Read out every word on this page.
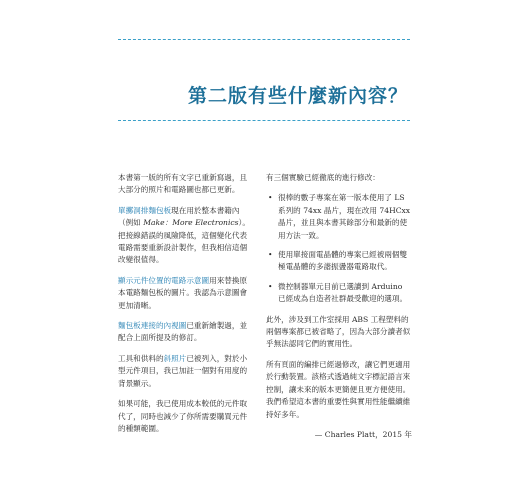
第二版有些什麼新內容？

本書第一版的所有文字已重新寫過，且大部分的照片和電路圖也都已更新。

單擲洞排麵包板現在用於整本書籍內（例如 Make：More Electronics）。把接線錯誤的風險降低，這個變化代表電路需要重新設計製作，但我相信這個改變很值得。

顯示元件位置的電路示意圖用來替換原本電路麵包板的圖片。我認為示意圖會更加清晰。

麵包板連接的內視圖已重新繪製過，並配合上面所提及的修訂。

工具和供料的斜照片已被列入，對於小型元件項目，我已加註一個對有用度的背景顯示。

如果可能，我已使用成本較低的元件取代了，同時也減少了你所需要購買元件的種類範圍。

有三個實驗已經徹底的進行修改：

• 很棒的數子專案在第一版本使用了 LS 系列的 74xx 晶片，現在改用 74HCxx 晶片，並且與本書其餘部分和最新的使用方法一致。
• 使用單接面電晶體的專案已經被兩個雙極電晶體的多諧振盪器電路取代。
• 微控制器單元目前已選讀到 Arduino 已經成為自造者社群最受歡迎的選項。

此外，涉及到工作室採用 ABS 工程塑料的兩個專案都已被省略了，因為大部分讀者似乎無法認同它們的實用性。

所有頁面的編排已經過修改，讓它們更適用於行動裝置。該格式透過純文字標記語言來控制，讓未來的版本更簡便且更方便使用。我們希望這本書的重要性與實用性能繼續維持好多年。

— Charles Platt，2015 年
